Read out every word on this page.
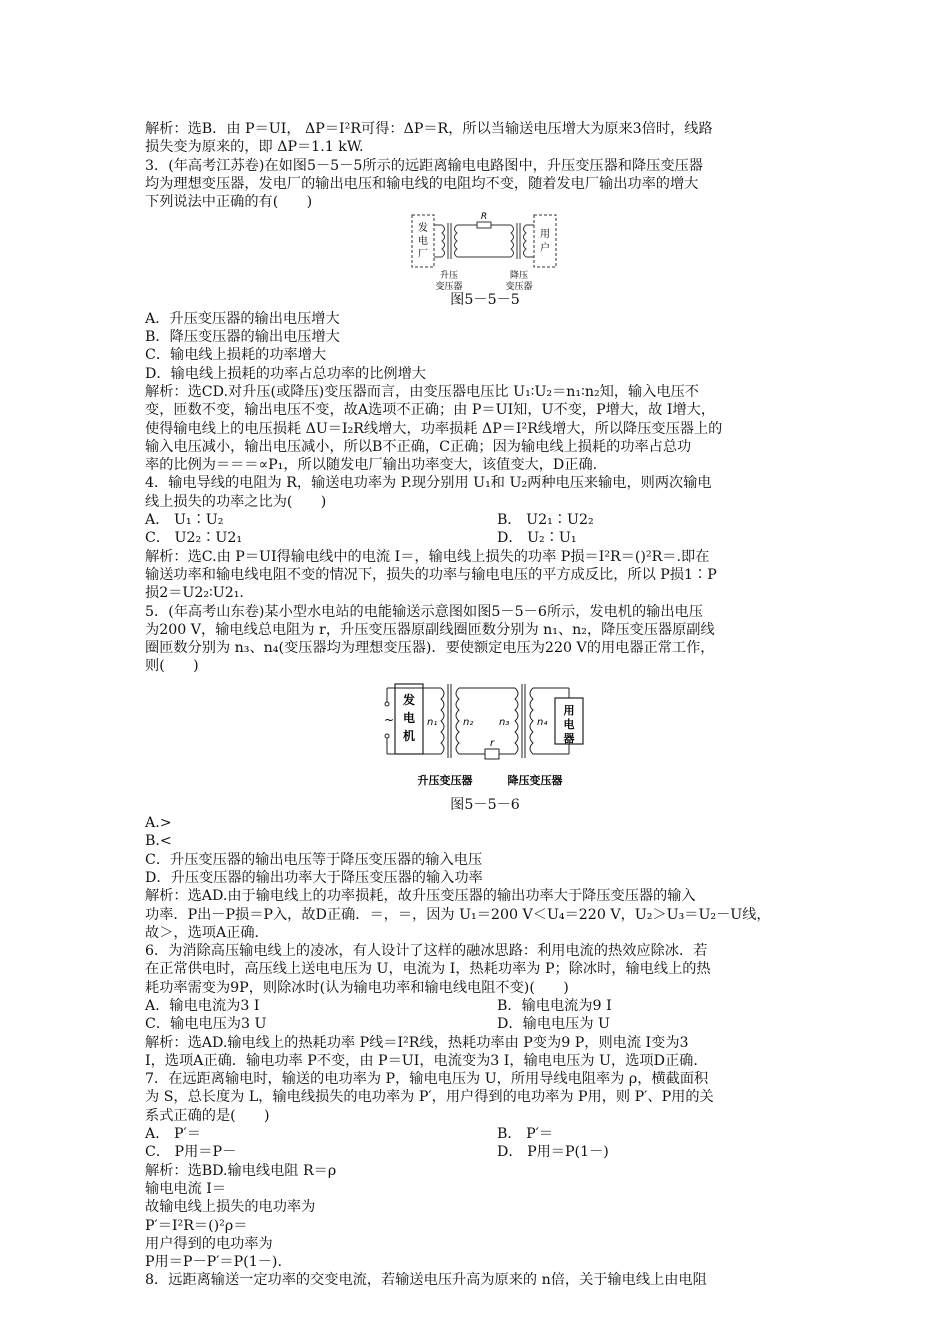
解析：选B．由 P＝UI， ΔP＝I²R可得：ΔP＝R，所以当输送电压增大为原来3倍时，线路
损失变为原来的，即 ΔP＝1.1 kW.
3．(年高考江苏卷)在如图5－5－5所示的远距离输电电路图中，升压变压器和降压变压器
均为理想变压器，发电厂的输出电压和输电线的电阻均不变，随着发电厂输出功率的增大
下列说法中正确的有(　　)
发
电
厂
R
用
户
升压
变压器
降压
变压器
图5－5－5
A．升压变压器的输出电压增大
B．降压变压器的输出电压增大
C．输电线上损耗的功率增大
D．输电线上损耗的功率占总功率的比例增大
解析：选CD.对升压(或降压)变压器而言，由变压器电压比 U₁∶U₂＝n₁∶n₂知，输入电压不
变，匝数不变，输出电压不变，故A选项不正确；由 P＝UI知，U不变，P增大，故 I增大，
使得输电线上的电压损耗 ΔU＝I₂R线增大，功率损耗 ΔP＝I²R线增大，所以降压变压器上的
输入电压减小，输出电压减小，所以B不正确，C正确；因为输电线上损耗的功率占总功
率的比例为＝＝＝∝P₁，所以随发电厂输出功率变大，该值变大，D正确.
4．输电导线的电阻为 R，输送电功率为 P.现分别用 U₁和 U₂两种电压来输电，则两次输电
线上损失的功率之比为(　　)
A． U₁∶U₂	B． U2₁∶U2₂
C． U2₂∶U2₁	D． U₂∶U₁
解析：选C.由 P＝UI得输电线中的电流 I＝，输电线上损失的功率 P损＝I²R＝()²R＝.即在
输送功率和输电线电阻不变的情况下，损失的功率与输电电压的平方成反比，所以 P损1∶P
损2＝U2₂∶U2₁.
5．(年高考山东卷)某小型水电站的电能输送示意图如图5－5－6所示，发电机的输出电压
为200 V，输电线总电阻为 r，升压变压器原副线圈匝数分别为 n₁、n₂，降压变压器原副线
圈匝数分别为 n₃、n₄(变压器均为理想变压器)．要使额定电压为220 V的用电器正常工作，
则(　　)
发
电
机
~	n₁	n₂
r
n₃	n₄
用
电
器
升压变压器	降压变压器
图5－5－6
A.>
B.<
C．升压变压器的输出电压等于降压变压器的输入电压
D．升压变压器的输出功率大于降压变压器的输入功率
解析：选AD.由于输电线上的功率损耗，故升压变压器的输出功率大于降压变压器的输入
功率．P出－P损＝P入，故D正确．＝，＝，因为 U₁＝200 V＜U₄＝220 V，U₂＞U₃＝U₂－U线，
故＞，选项A正确．
6．为消除高压输电线上的凌冰，有人设计了这样的融冰思路：利用电流的热效应除冰．若
在正常供电时，高压线上送电电压为 U，电流为 I，热耗功率为 P；除冰时，输电线上的热
耗功率需变为9P，则除冰时(认为输电功率和输电线电阻不变)(　　)
A．输电电流为3 I	B．输电电流为9 I
C．输电电压为3 U	D．输电电压为 U
解析：选AD.输电线上的热耗功率 P线＝I²R线，热耗功率由 P变为9 P，则电流 I变为3
I，选项A正确．输电功率 P不变，由 P＝UI，电流变为3 I，输电电压为 U，选项D正确．
7．在远距离输电时，输送的电功率为 P，输电电压为 U，所用导线电阻率为 ρ，横截面积
为 S，总长度为 L，输电线损失的电功率为 P′，用户得到的电功率为 P用，则 P′、P用的关
系式正确的是(　　)
A． P′＝	B． P′＝
C． P用＝P－	D． P用＝P(1－)
解析：选BD.输电线电阻 R＝ρ
输电电流 I＝
故输电线上损失的电功率为
P′＝I²R＝()²ρ＝
用户得到的电功率为
P用＝P－P′＝P(1－).
8．远距离输送一定功率的交变电流，若输送电压升高为原来的 n倍，关于输电线上由电阻
